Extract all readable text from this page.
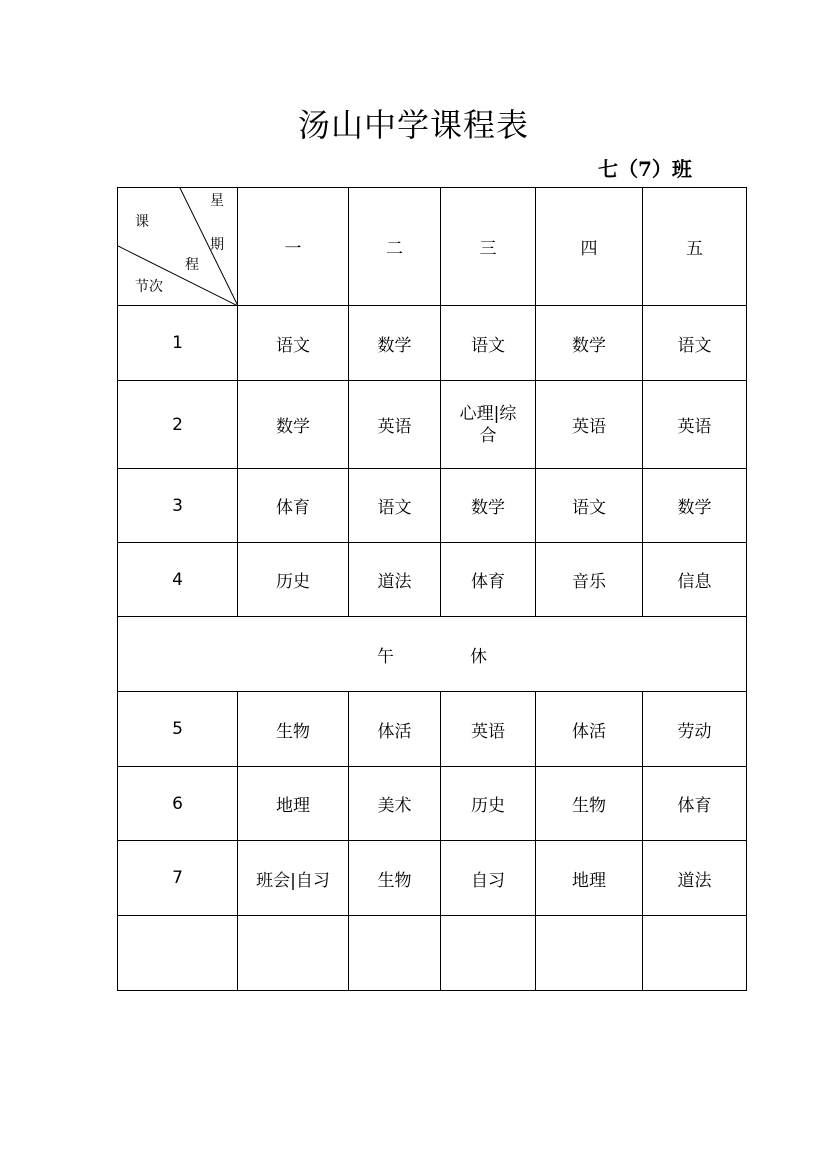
汤山中学课程表
七（7）班
星
课
期
程
节次	一	二	三	四	五
1	语文	数学	语文	数学	语文
2	数学	英语	心理|综合	英语	英语
3	体育	语文	数学	语文	数学
4	历史	道法	体育	音乐	信息
午 休					
5	生物	体活	英语	体活	劳动
6	地理	美术	历史	生物	体育
7	班会|自习	生物	自习	地理	道法
